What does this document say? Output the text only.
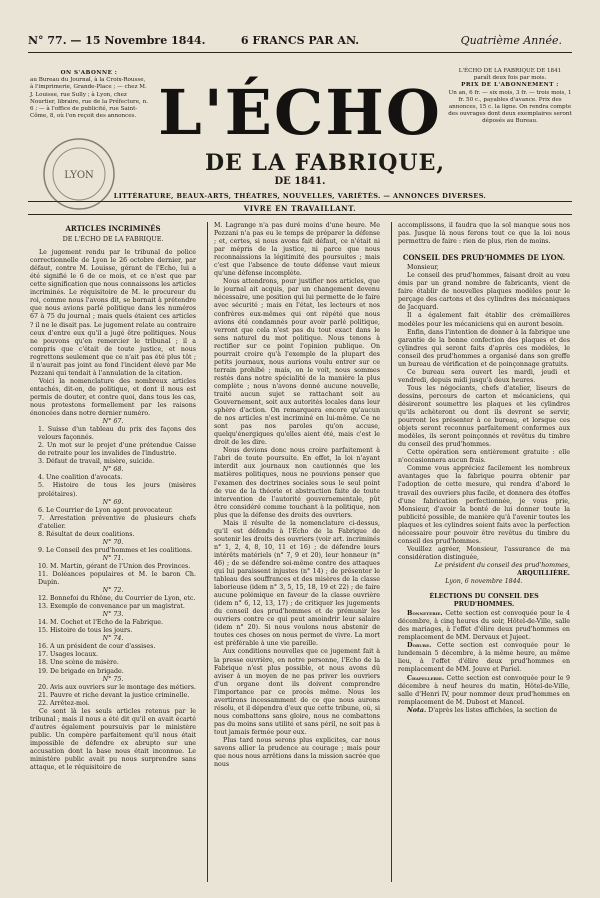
N° 77. — 15 Novembre 1844.	6 FRANCS PAR AN.	Quatrième Année.
ON S'ABONNE :
au Bureau du Journal, à la Croix-Rousse, à l'imprimerie, Grande-Place ; — chez M. J. Louisse, rue Sully ; à Lyon, chez Nourtier, libraire, rue de la Préfecture, n. 6 ; — à l'office de publicité, rue Saint-Côme, 8, où l'on reçoit des annonces.
LYON
L'ÉCHO DE LA FABRIQUE DE 1841
paraît deux fois par mois.
PRIX DE L'ABONNEMENT :
Un an, 6 fr. — six mois, 3 fr. — trois mois, 1 fr. 50 c., payables d'avance. Prix des annonces, 15 c. la ligne. On rendra compte des ouvrages dont deux exemplaires seront déposés au Bureau.
L'ÉCHO
DE LA FABRIQUE,
DE 1841.
LITTÉRATURE, BEAUX-ARTS, THÉATRES, NOUVELLES, VARIÉTÉS. — ANNONCES DIVERSES.
VIVRE EN TRAVAILLANT.

ARTICLES INCRIMINÉS

DE L'ÉCHO DE LA FABRIQUE.

Le jugement rendu par le tribunal de police correctionnelle de Lyon le 26 octobre dernier, par défaut, contre M. Louisse, gérant de l'Echo, lui a été signifié le 6 de ce mois, et ce n'est que par cette signification que nous connaissons les articles incriminés. Le réquisitoire de M. le procureur du roi, comme nous l'avons dit, se bornait à prétendre que nous avions parlé politique dans les numéros 67 à 75 du journal ; mais quels étaient ces articles ? il ne le disait pas. Le jugement relate au contraire ceux d'entre eux qu'il a jugé être politiques. Nous ne pouvons qu'en remercier le tribunal ; il a compris que c'était de toute justice, et nous regrettons seulement que ce n'ait pas été plus tôt ; il n'aurait pas joint au fond l'incident élevé par Me Pezzani qui tendait à l'annulation de la citation.

Voici la nomenclature des nombreux articles entachés, dit-on, de politique, et dont il nous est permis de douter, et contre quoi, dans tous les cas, nous protestons formellement par les raisons énoncées dans notre dernier numéro.

N° 67.

1. Suisse d'un tableau du prix des façons des velours façonnés.

2. Un mot sur le projet d'une prétendue Caisse de retraite pour les invalides de l'industrie.

3. Défaut de travail, misère, suicide.

N° 68.

4. Une coalition d'avocats.

5. Histoire de tous les jours (misères prolétaires).

N° 69.

6. Le Courrier de Lyon agent provocateur.

7. Arrestation préventive de plusieurs chefs d'atelier.

8. Résultat de deux coalitions.

N° 70.

9. Le Conseil des prud'hommes et les coalitions.

N° 71.

10. M. Martin, gérant de l'Union des Provinces.

11. Doléances populaires et M. le baron Ch. Dupin.

N° 72.

12. Bonnefoi du Rhône, du Courrier de Lyon, etc.

13. Exemple de convenance par un magistrat.

N° 73.

14. M. Cochet et l'Echo de la Fabrique.

15. Histoire de tous les jours.

N° 74.

16. A un président de cour d'assises.

17. Usages locaux.

18. Une scène de misère.

19. De brigade en brigade.

N° 75.

20. Avis aux ouvriers sur le montage des métiers.

21. Pauvre et riche devant la justice criminelle.

22. Arrêtez-moi.

Ce sont là les seuls articles retenus par le tribunal ; mais il nous a été dit qu'il en avait écarté d'autres également poursuivis par le ministère public. Un compère parfaitement qu'il nous était impossible de défendre ex abrupto sur une accusation dont la base nous était inconnue. Le ministère public avait pu nous surprendre sans attaque, et le réquisitoire de

M. Lagrange n'a pas duré moins d'une heure. Me Pezzani n'a pas eu le temps de préparer la défense ; et, certes, si nous avons fait défaut, ce n'était ni par mépris de la justice, ni parce que nous reconnaissions la légitimité des poursuites ; mais c'est que l'absence de toute défense vaut mieux qu'une défense incomplète.

Nous attendrons, pour justifier nos articles, que le journal ait acquis, par un changement devenu nécessaire, une position qui lui permette de le faire avec sécurité ; mais en l'état, les lecteurs et nos confrères eux-mêmes qui ont répété que nous avions été condamnés pour avoir parlé politique, verront que cela n'est pas du tout exact dans le sens naturel du mot politique. Nous tenons à rectifier sur ce point l'opinion publique. On pourrait croire qu'à l'exemple de la plupart des petits journaux, nous aurions voulu entrer sur ce terrain prohibé ; mais, on le voit, nous sommes restés dans notre spécialité de la manière la plus complète ; nous n'avons donné aucune nouvelle, traité aucun sujet se rattachant soit au Gouvernement, soit aux autorités locales dans leur sphère d'action. On remarquera encore qu'aucun de nos articles n'est incriminé en lui-même. Ce ne sont pas nos paroles qu'on accuse, quelqu'énergiques qu'elles aient été, mais c'est le droit de les dire.

Nous devions donc nous croire parfaitement à l'abri de toute poursuite. En effet, la loi n'ayant interdit aux journaux non cautionnés que les matières politiques, nous ne pouvions penser que l'examen des doctrines sociales sous le seul point de vue de la théorie et abstraction faite de toute intervention de l'autorité gouvernementale, pût être considéré comme touchant à la politique, non plus que la défense des droits des ouvriers.

Mais il résulte de la nomenclature ci-dessus, qu'il est défendu à l'Echo de la Fabrique de soutenir les droits des ouvriers (voir art. incriminés n° 1, 2, 4, 8, 10, 11 et 16) ; de défendre leurs intérêts matériels (n° 7, 9 et 20), leur honneur (n° 46) ; de se défendre soi-même contre des attaques qui lui paraissent injustes (n° 14) ; de présenter le tableau des souffrances et des misères de la classe laborieuse (idem n° 3, 5, 15, 18, 19 et 22) ; de faire aucune polémique en faveur de la classe ouvrière (idem n° 6, 12, 13, 17) ; de critiquer les jugements du conseil des prud'hommes et de prémunir les ouvriers contre ce qui peut amoindrir leur salaire (idem n° 20). Si nous voulons nous abstenir de toutes ces choses on nous permet de vivre. La mort est préférable à une vie pareille.

Aux conditions nouvelles que ce jugement fait à la presse ouvrière, en notre personne, l'Echo de la Fabrique n'est plus possible, et nous avons dû aviser à un moyen de ne pas priver les ouvriers d'un organe dont ils doivent comprendre l'importance par ce procès même. Nous les avertirons incessamment de ce que nous aurons résolu, et il dépendra d'eux que cette tribune, où, si nous combattons sans gloire, nous ne combattons pas du moins sans utilité et sans péril, ne soit pas à tout jamais fermée pour eux.

Plus tard nous serons plus explicites, car nous savons allier la prudence au courage ; mais pour que nous nous arrêtions dans la mission sacrée que nous

accomplissons, il faudra que la sol manque sous nos pas. Jusque là nous ferons tout ce que la loi nous permettra de faire : rien de plus, rien de moins.

CONSEIL DES PRUD'HOMMES DE LYON.

Monsieur,

Le conseil des prud'hommes, faisant droit au vœu émis par un grand nombre de fabricants, vient de faire établir de nouvelles plaques modèles pour le perçage des cartons et des cylindres des mécaniques de Jacquard.

Il a également fait établir des crémaillères modèles pour les mécaniciens qui en auront besoin.

Enfin, dans l'intention de donner à la fabrique une garantie de la bonne confection des plaques et des cylindres qui seront faits d'après ces modèles, le conseil des prud'hommes a organisé dans son greffe un bureau de vérification et de poinçonnage gratuits.

Ce bureau sera ouvert les mardi, jeudi et vendredi, depuis midi jusqu'à deux heures.

Tous les négociants, chefs d'atelier, liseurs de dessins, perceurs de carton et mécaniciens, qui désireront soumettre les plaques et les cylindres qu'ils achèteront ou dont ils devront se servir, pourront les présenter à ce bureau, et lorsque ces objets seront reconnus parfaitement conformes aux modèles, ils seront poinçonnés et revêtus du timbre du conseil des prud'hommes.

Cette opération sera entièrement gratuite : elle n'occasionnera aucun frais.

Comme vous appréciez facilement les nombreux avantages que la fabrique pourra obtenir par l'adoption de cette mesure, qui rendra d'abord le travail des ouvriers plus facile, et donnera des étoffes d'une fabrication perfectionnée, je vous prie, Monsieur, d'avoir la bonté de lui donner toute la publicité possible, de manière qu'à l'avenir toutes les plaques et les cylindres soient faits avec la perfection nécessaire pour pouvoir être revêtus du timbre du conseil des prud'hommes.

Veuillez agréer, Monsieur, l'assurance de ma considération distinguée,

Le président du conseil des prud'hommes,

ARQUILLIÈRE.

Lyon, 6 novembre 1844.

ÉLECTIONS DU CONSEIL DES PRUD'HOMMES.

Bonneterie. Cette section est convoquée pour le 4 décembre, à cinq heures du soir, Hôtel-de-Ville, salle des mariages, à l'effet d'élire deux prud'hommes en remplacement de MM. Dervaux et Jujeet.

Dorure. Cette section est convoquée pour le lundemain 5 décembre, à la même heure, au même lieu, à l'effet d'élire deux prud'hommes en remplacement de MM. Jouve et Pariel.

Chapellerie. Cette section est convoquée pour le 9 décembre à neuf heures du matin, Hôtel-de-Ville, salle d'Henri IV, pour nommer deux prud'hommes en remplacement de M. Dubost et Mancel.

Nota. D'après les listes affichées, la section de
